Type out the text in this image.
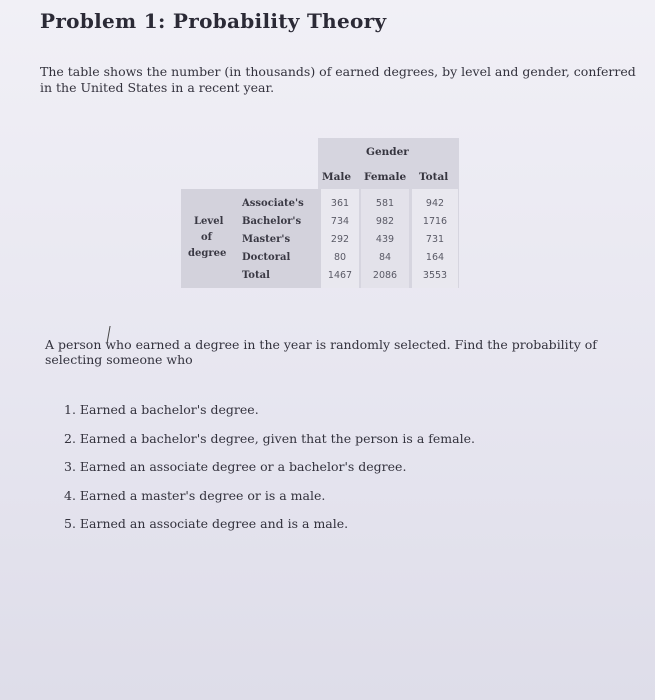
Problem 1: Probability Theory
The table shows the number (in thousands) of earned degrees, by level and gender, conferred in the United States in a recent year.
Gender
Male Female Total
Level
of
degree
Associate's
Bachelor's
Master's
Doctoral
Total
361
734
292
80
1467
581
982
439
84
2086
942
1716
731
164
3553
A person who earned a degree in the year is randomly selected. Find the probability of selecting someone who
1. Earned a bachelor's degree.
2. Earned a bachelor's degree, given that the person is a female.
3. Earned an associate degree or a bachelor's degree.
4. Earned a master's degree or is a male.
5. Earned an associate degree and is a male.
